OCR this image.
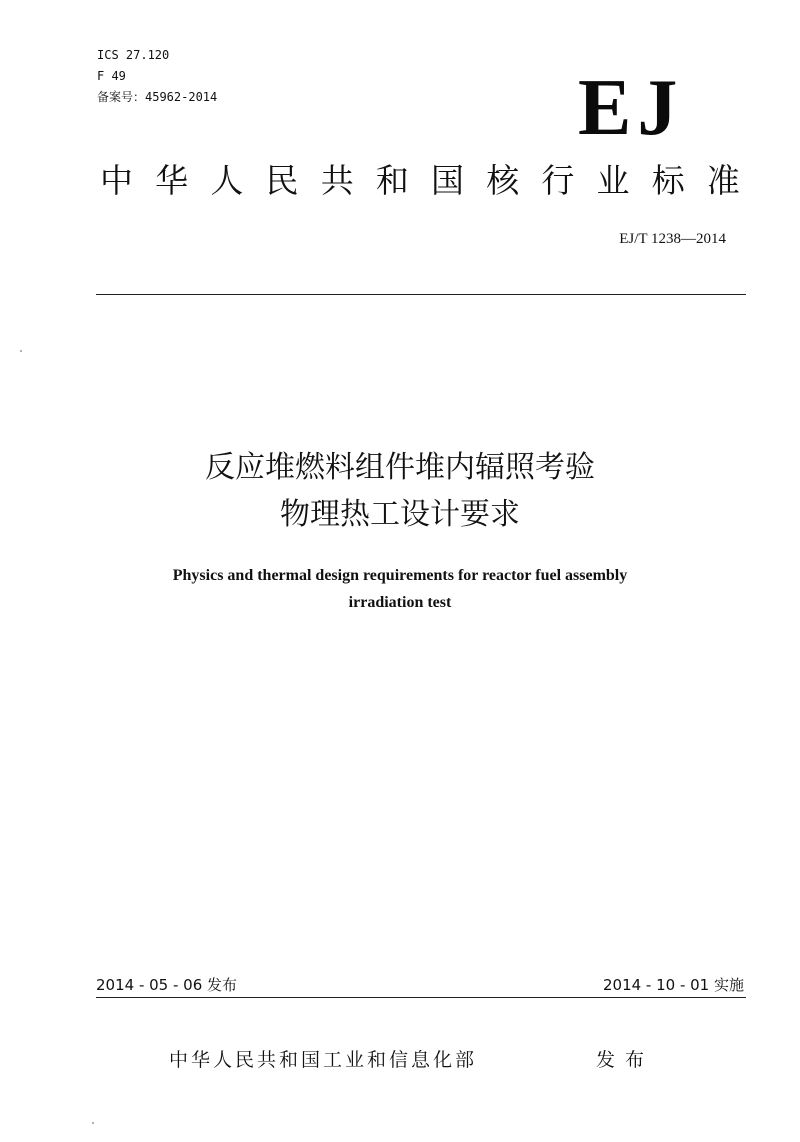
ICS 27.120
F 49
备案号：45962-2014	EJ
中 华 人 民 共 和 国 核 行 业 标 准
EJ/T 1238—2014
反应堆燃料组件堆内辐照考验
物理热工设计要求
Physics and thermal design requirements for reactor fuel assembly
irradiation test
2014 - 05 - 06 发布	2014 - 10 - 01 实施
中华人民共和国工业和信息化部	发布
